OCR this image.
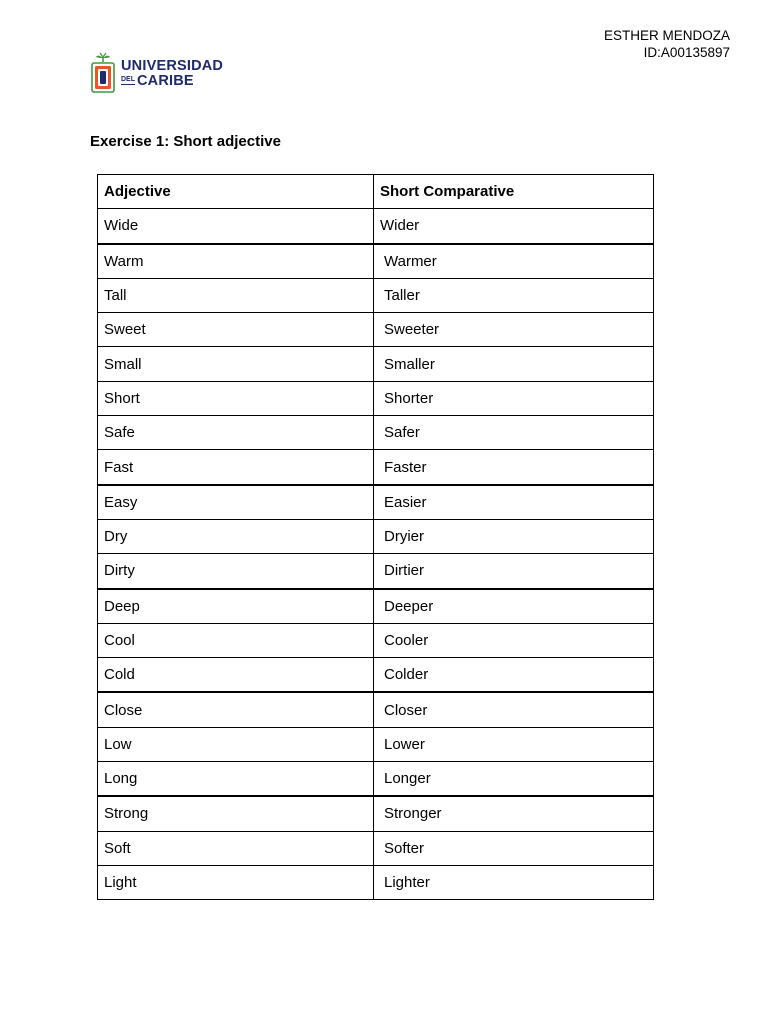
ESTHER MENDOZA
ID:A00135897
UNIVERSIDAD
DEL CARIBE
Exercise 1: Short adjective
Adjective	Short Comparative
Wide	Wider
Warm	Warmer
Tall	Taller
Sweet	Sweeter
Small	Smaller
Short	Shorter
Safe	Safer
Fast	Faster
Easy	Easier
Dry	Dryier
Dirty	Dirtier
Deep	Deeper
Cool	Cooler
Cold	Colder
Close	Closer
Low	Lower
Long	Longer
Strong	Stronger
Soft	Softer
Light	Lighter
